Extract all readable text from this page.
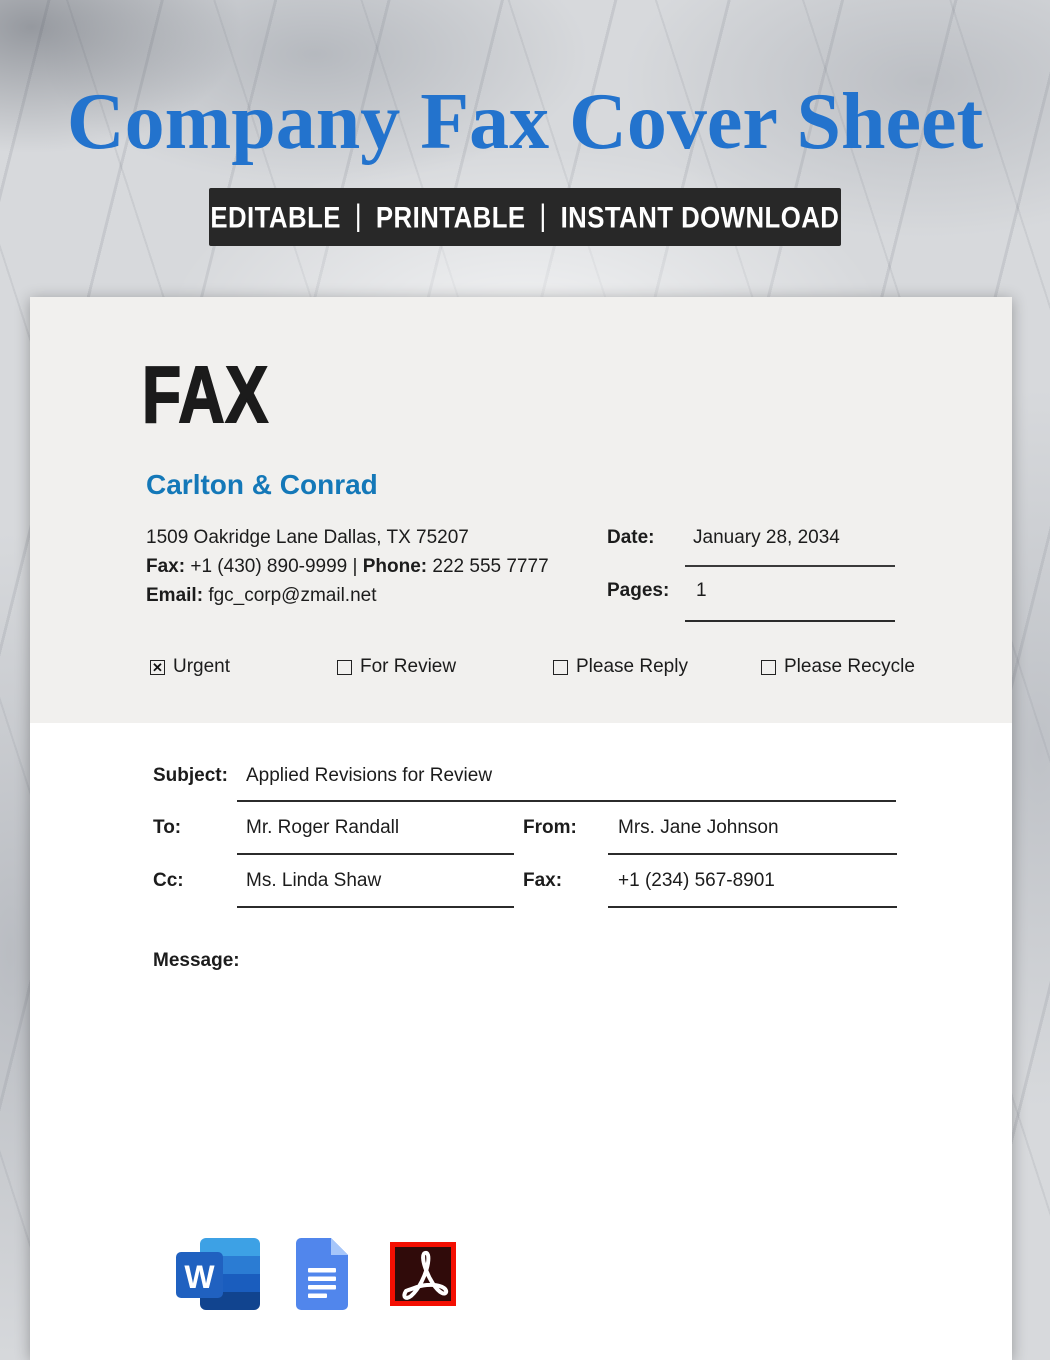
Company Fax Cover Sheet
EDITABLE | PRINTABLE | INSTANT DOWNLOAD
FAX
Carlton & Conrad
1509 Oakridge Lane Dallas, TX 75207
Fax: +1 (430) 890-9999 | Phone: 222 555 7777
Email: fgc_corp@zmail.net
Date: January 28, 2034
Pages: 1
✕ Urgent	For Review	Please Reply	Please Recycle
Subject: Applied Revisions for Review
To:	Mr. Roger Randall	From: Mrs. Jane Johnson
Cc:	Ms. Linda Shaw	Fax:	+1 (234) 567-8901
Message:
W
